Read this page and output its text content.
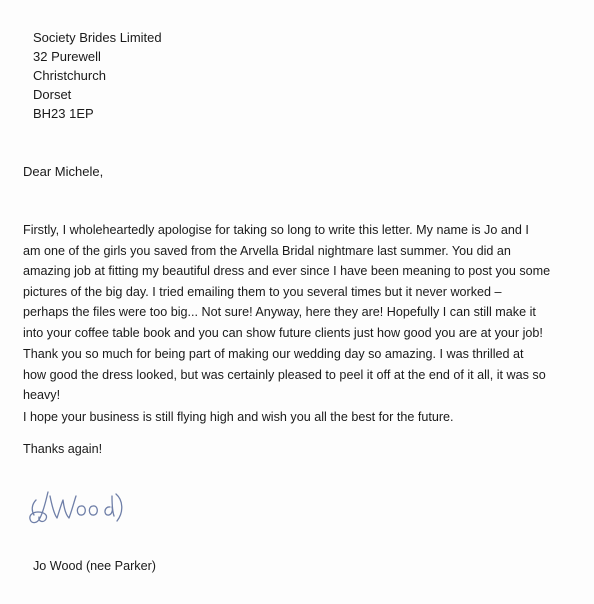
Society Brides Limited
32 Purewell
Christchurch
Dorset
BH23 1EP
Dear Michele,
Firstly, I wholeheartedly apologise for taking so long to write this letter. My name is Jo and I
am one of the girls you saved from the Arvella Bridal nightmare last summer. You did an
amazing job at fitting my beautiful dress and ever since I have been meaning to post you some
pictures of the big day. I tried emailing them to you several times but it never worked –
perhaps the files were too big... Not sure! Anyway, here they are! Hopefully I can still make it
into your coffee table book and you can show future clients just how good you are at your job!
Thank you so much for being part of making our wedding day so amazing. I was thrilled at
how good the dress looked, but was certainly pleased to peel it off at the end of it all, it was so
heavy!
I hope your business is still flying high and wish you all the best for the future.
Thanks again!
Jo Wood (nee Parker)
